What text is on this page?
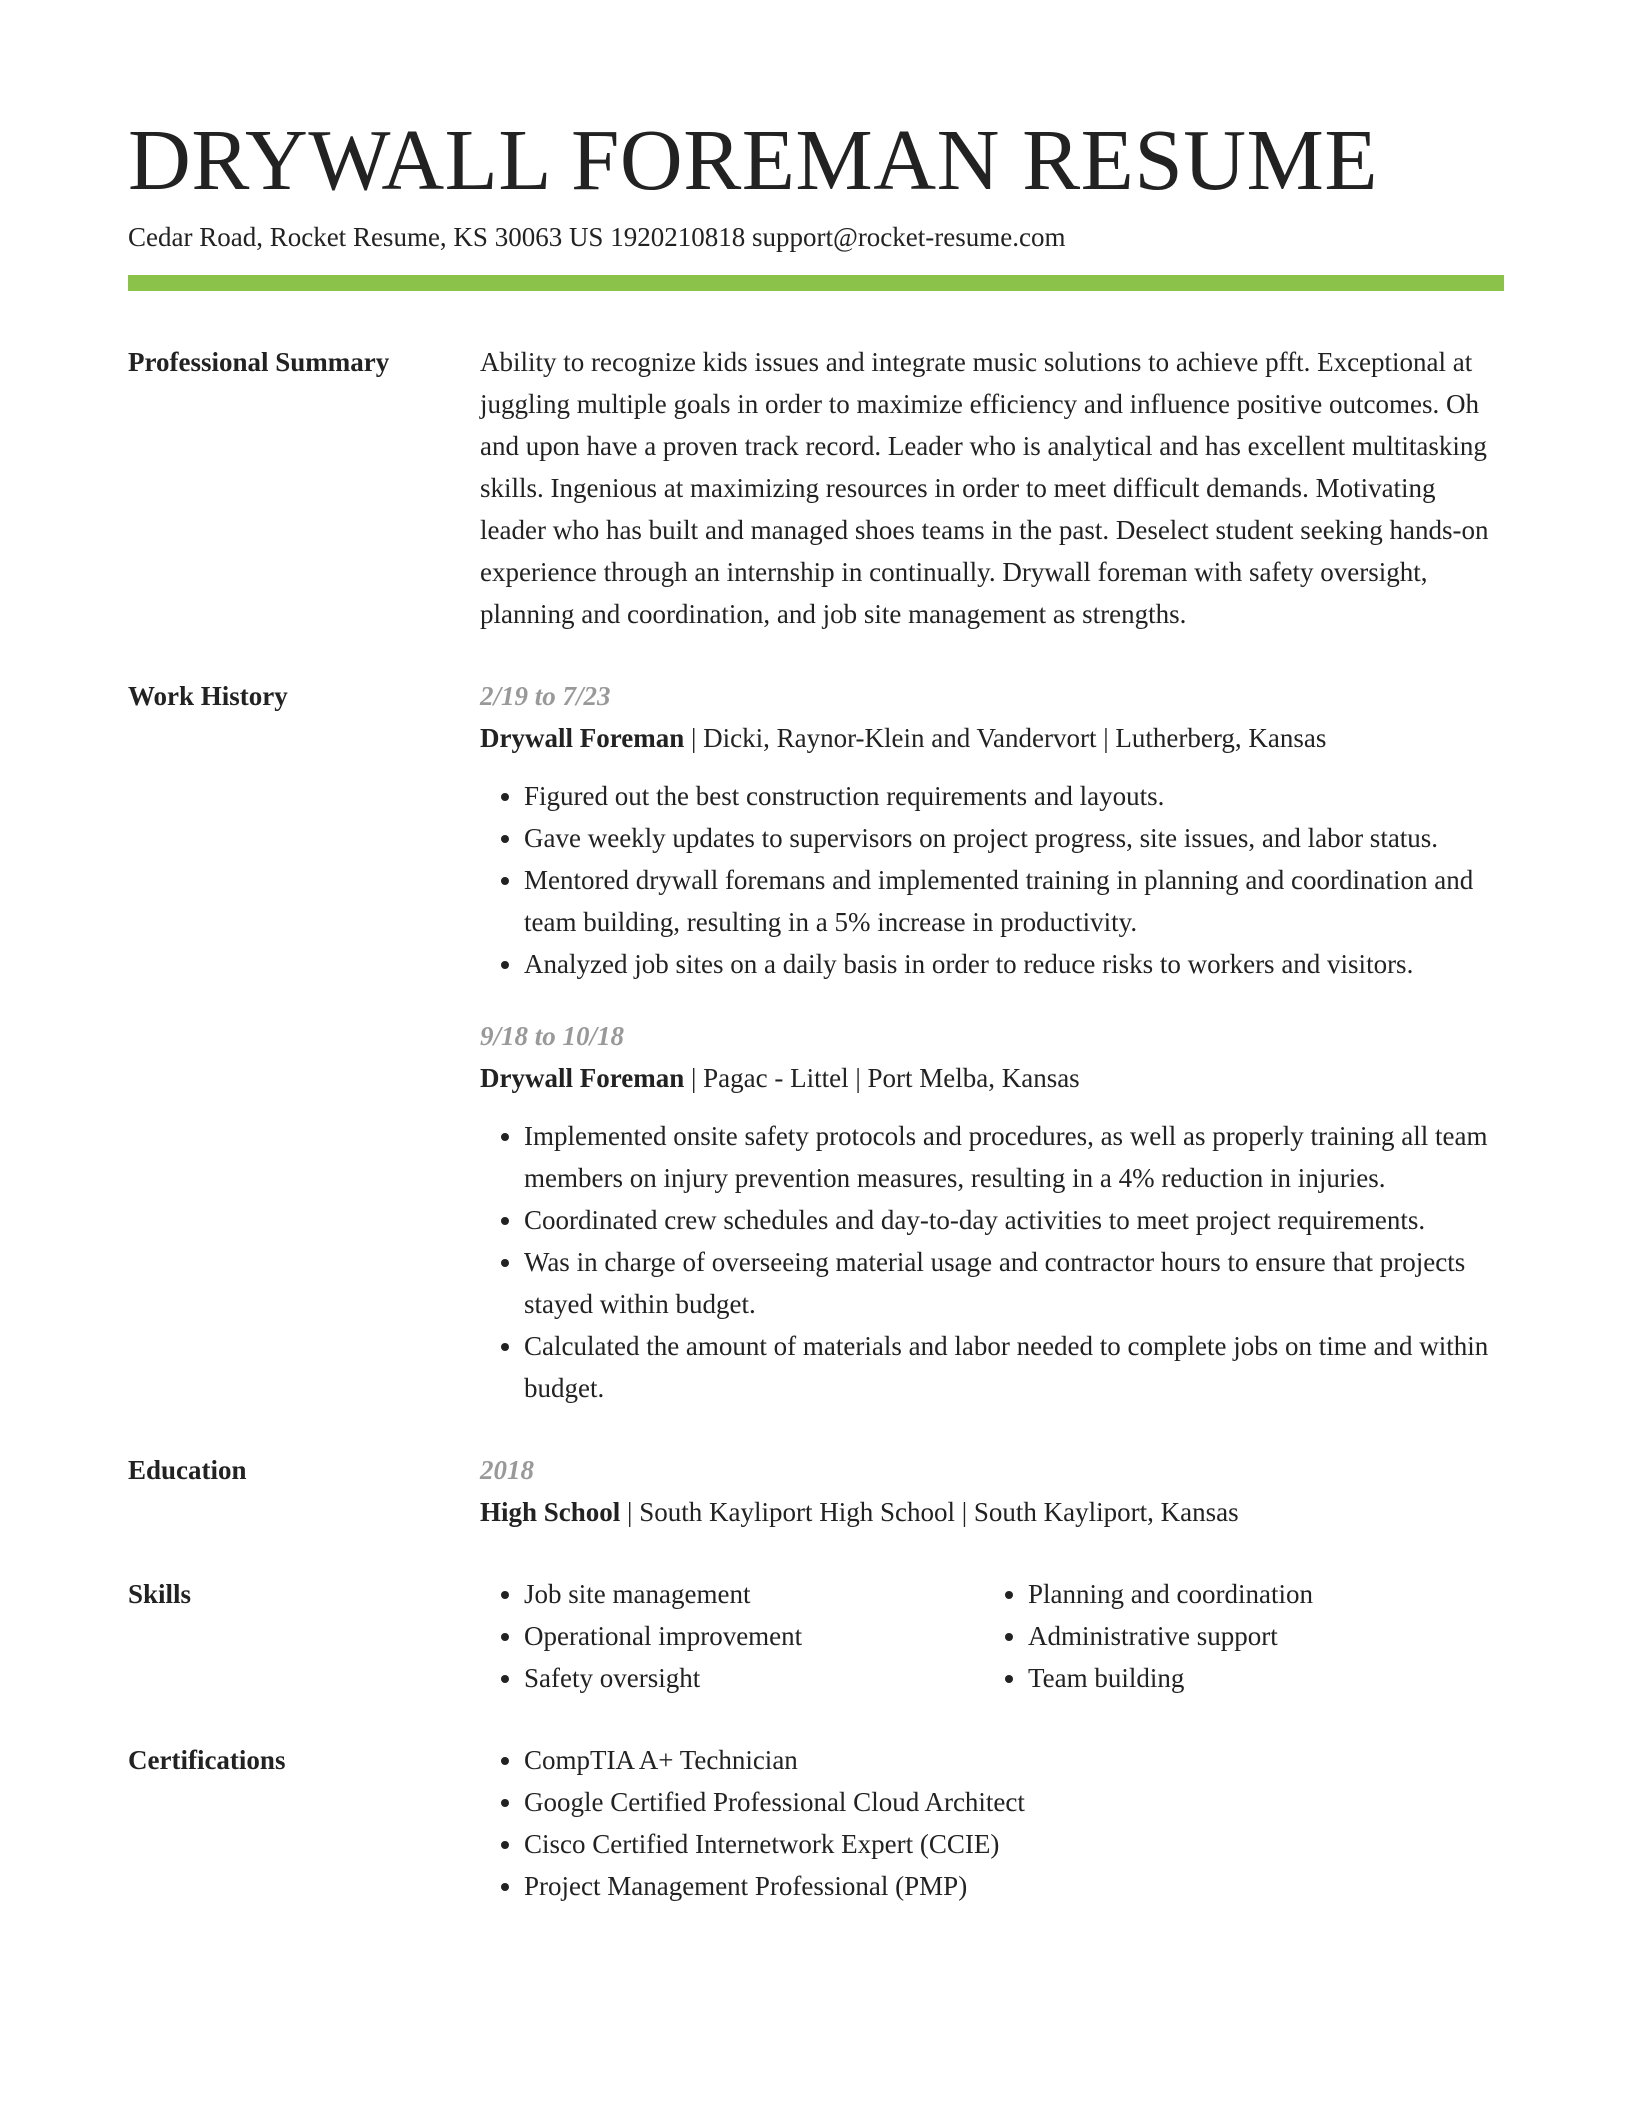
DRYWALL FOREMAN RESUME
Cedar Road, Rocket Resume, KS 30063 US 1920210818 support@rocket-resume.com
Professional Summary	Ability to recognize kids issues and integrate music solutions to achieve pfft. Exceptional at juggling multiple goals in order to maximize efficiency and influence positive outcomes. Oh and upon have a proven track record. Leader who is analytical and has excellent multitasking skills. Ingenious at maximizing resources in order to meet difficult demands. Motivating leader who has built and managed shoes teams in the past. Deselect student seeking hands-on experience through an internship in continually. Drywall foreman with safety oversight, planning and coordination, and job site management as strengths.

Work History	2/19 to 7/23
Drywall Foreman | Dicki, Raynor-Klein and Vandervort | Lutherberg, Kansas
• Figured out the best construction requirements and layouts.
• Gave weekly updates to supervisors on project progress, site issues, and labor status.
• Mentored drywall foremans and implemented training in planning and coordination and team building, resulting in a 5% increase in productivity.
• Analyzed job sites on a daily basis in order to reduce risks to workers and visitors.
9/18 to 10/18
Drywall Foreman | Pagac - Littel | Port Melba, Kansas
• Implemented onsite safety protocols and procedures, as well as properly training all team members on injury prevention measures, resulting in a 4% reduction in injuries.
• Coordinated crew schedules and day-to-day activities to meet project requirements.
• Was in charge of overseeing material usage and contractor hours to ensure that projects stayed within budget.
• Calculated the amount of materials and labor needed to complete jobs on time and within budget.
Education	2018
High School | South Kayliport High School | South Kayliport, Kansas
Skills	• Job site management
• Operational improvement
• Safety oversight
• Planning and coordination
• Administrative support
• Team building
Certifications	• CompTIA A+ Technician
• Google Certified Professional Cloud Architect
• Cisco Certified Internetwork Expert (CCIE)
• Project Management Professional (PMP)
